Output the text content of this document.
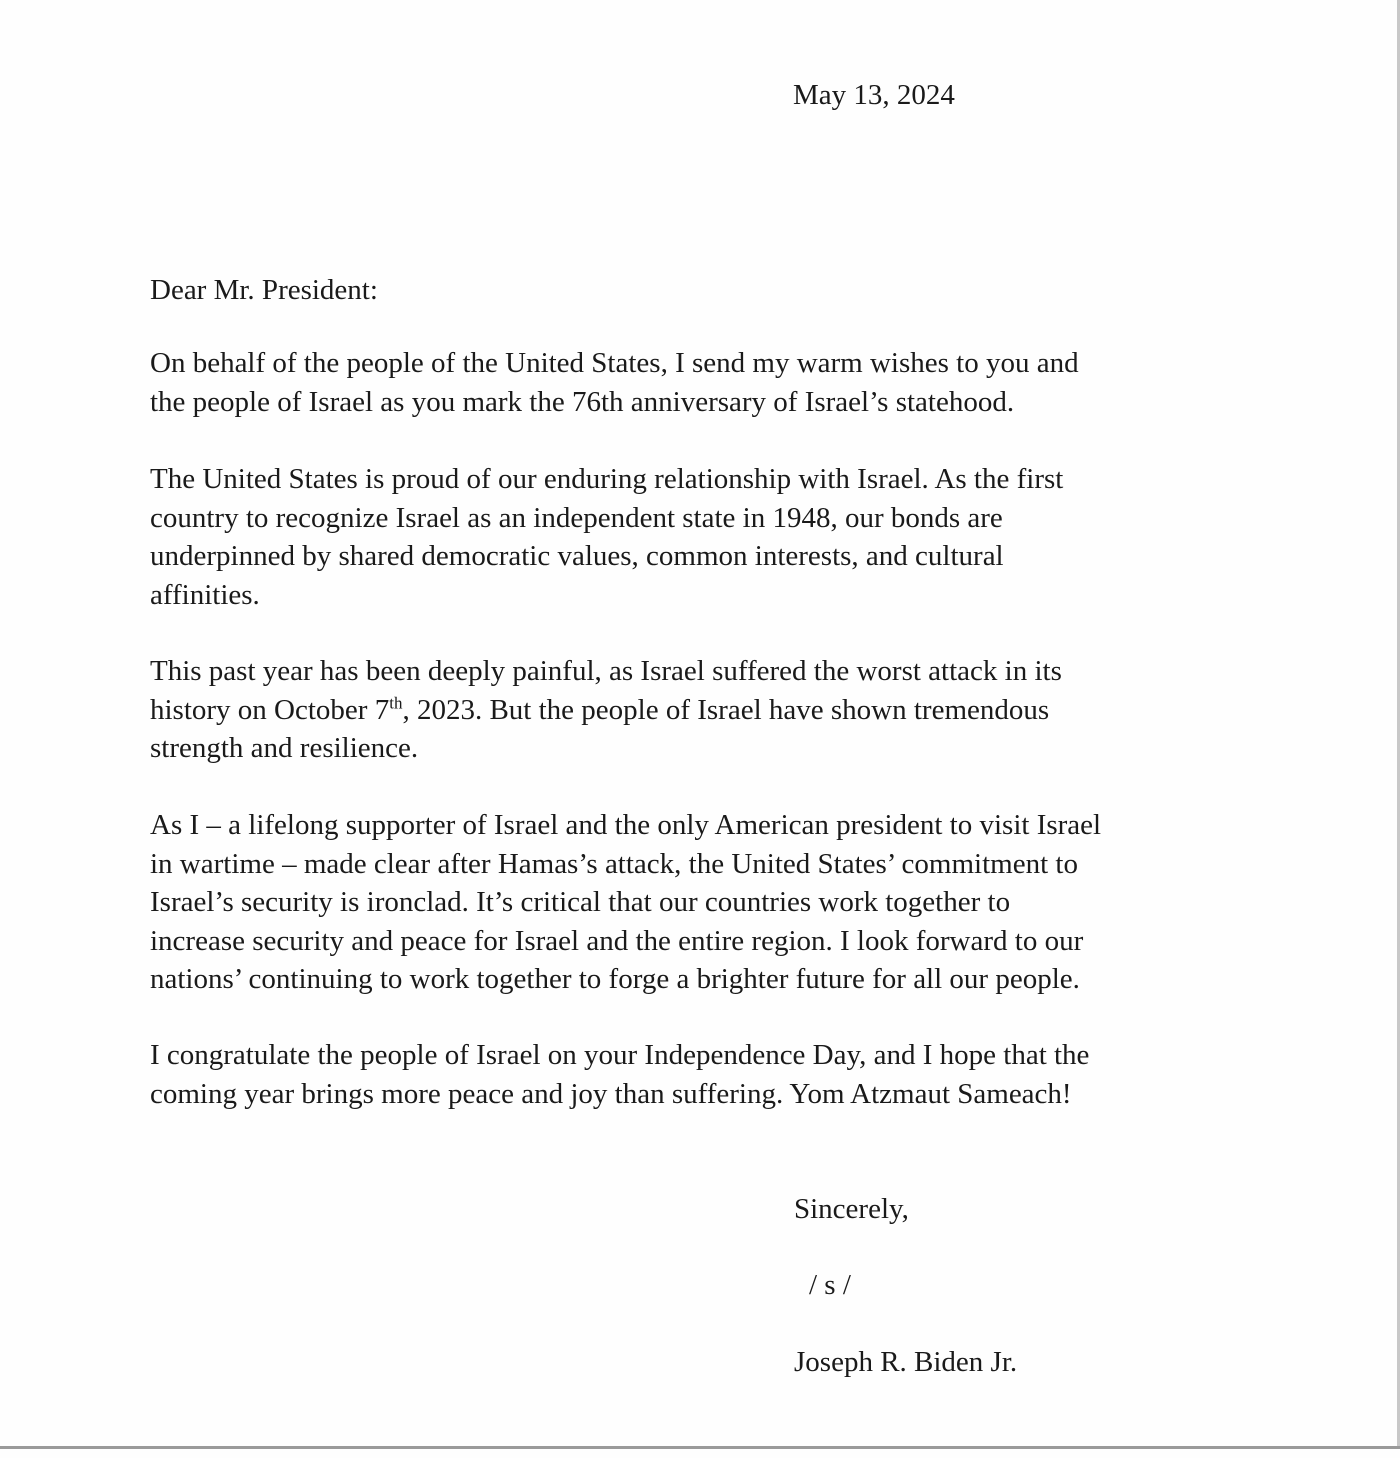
May 13, 2024
Dear Mr. President:

On behalf of the people of the United States, I send my warm wishes to you and
the people of Israel as you mark the 76th anniversary of Israel’s statehood.

The United States is proud of our enduring relationship with Israel. As the first
country to recognize Israel as an independent state in 1948, our bonds are
underpinned by shared democratic values, common interests, and cultural
affinities.

This past year has been deeply painful, as Israel suffered the worst attack in its
history on October 7th, 2023. But the people of Israel have shown tremendous
strength and resilience.

As I – a lifelong supporter of Israel and the only American president to visit Israel
in wartime – made clear after Hamas’s attack, the United States’ commitment to
Israel’s security is ironclad. It’s critical that our countries work together to
increase security and peace for Israel and the entire region. I look forward to our
nations’ continuing to work together to forge a brighter future for all our people.

I congratulate the people of Israel on your Independence Day, and I hope that the
coming year brings more peace and joy than suffering. Yom Atzmaut Sameach!

Sincerely,
/ s /
Joseph R. Biden Jr.
